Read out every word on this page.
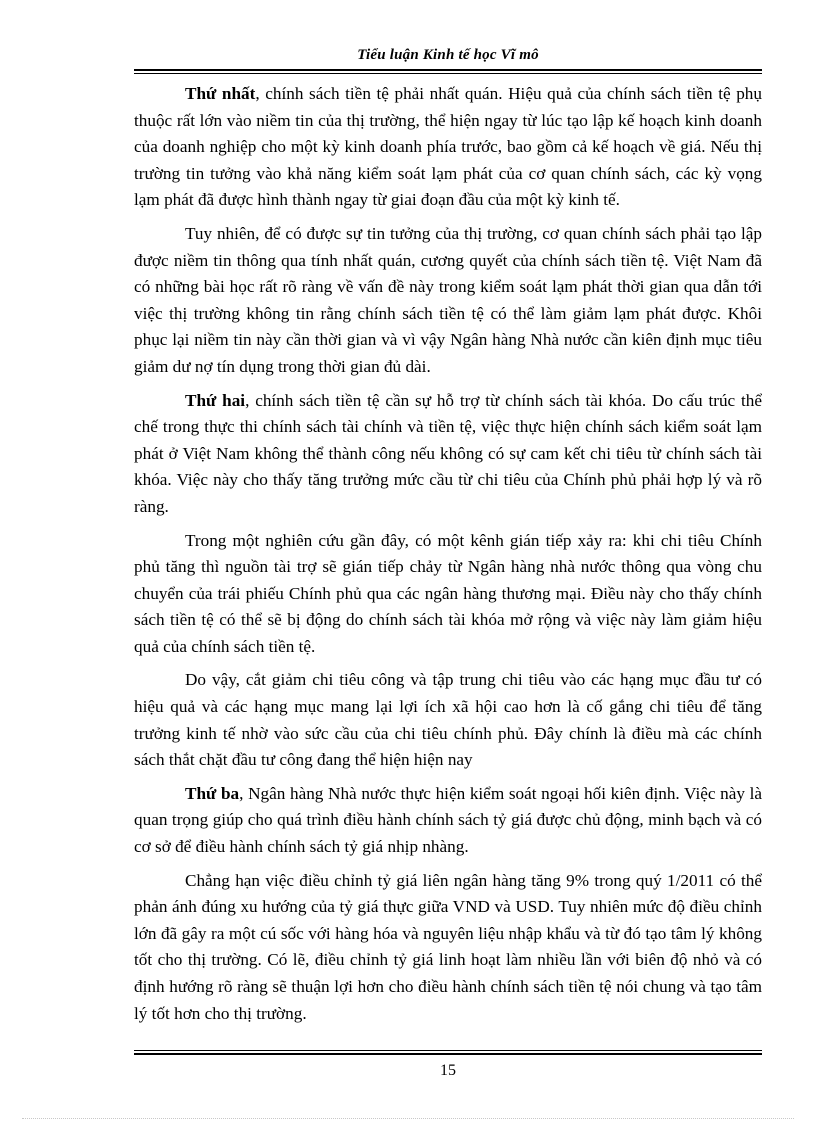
Tiểu luận Kinh tế học Vĩ mô

Thứ nhất, chính sách tiền tệ phải nhất quán. Hiệu quả của chính sách tiền tệ phụ thuộc rất lớn vào niềm tin của thị trường, thể hiện ngay từ lúc tạo lập kế hoạch kinh doanh của doanh nghiệp cho một kỳ kinh doanh phía trước, bao gồm cả kế hoạch về giá. Nếu thị trường tin tưởng vào khả năng kiểm soát lạm phát của cơ quan chính sách, các kỳ vọng lạm phát đã được hình thành ngay từ giai đoạn đầu của một kỳ kinh tế.

Tuy nhiên, để có được sự tin tưởng của thị trường, cơ quan chính sách phải tạo lập được niềm tin thông qua tính nhất quán, cương quyết của chính sách tiền tệ. Việt Nam đã có những bài học rất rõ ràng về vấn đề này trong kiểm soát lạm phát thời gian qua dẫn tới việc thị trường không tin rằng chính sách tiền tệ có thể làm giảm lạm phát được. Khôi phục lại niềm tin này cần thời gian và vì vậy Ngân hàng Nhà nước cần kiên định mục tiêu giảm dư nợ tín dụng trong thời gian đủ dài.

Thứ hai, chính sách tiền tệ cần sự hỗ trợ từ chính sách tài khóa. Do cấu trúc thể chế trong thực thi chính sách tài chính và tiền tệ, việc thực hiện chính sách kiểm soát lạm phát ở Việt Nam không thể thành công nếu không có sự cam kết chi tiêu từ chính sách tài khóa. Việc này cho thấy tăng trưởng mức cầu từ chi tiêu của Chính phủ phải hợp lý và rõ ràng.

Trong một nghiên cứu gần đây, có một kênh gián tiếp xảy ra: khi chi tiêu Chính phủ tăng thì nguồn tài trợ sẽ gián tiếp chảy từ Ngân hàng nhà nước thông qua vòng chu chuyển của trái phiếu Chính phủ qua các ngân hàng thương mại. Điều này cho thấy chính sách tiền tệ có thể sẽ bị động do chính sách tài khóa mở rộng và việc này làm giảm hiệu quả của chính sách tiền tệ.

Do vậy, cắt giảm chi tiêu công và tập trung chi tiêu vào các hạng mục đầu tư có hiệu quả và các hạng mục mang lại lợi ích xã hội cao hơn là cố gắng chi tiêu để tăng trưởng kinh tế nhờ vào sức cầu của chi tiêu chính phủ. Đây chính là điều mà các chính sách thắt chặt đầu tư công đang thể hiện hiện nay

Thứ ba, Ngân hàng Nhà nước thực hiện kiểm soát ngoại hối kiên định. Việc này là quan trọng giúp cho quá trình điều hành chính sách tỷ giá được chủ động, minh bạch và có cơ sở để điều hành chính sách tỷ giá nhịp nhàng.

Chẳng hạn việc điều chỉnh tỷ giá liên ngân hàng tăng 9% trong quý 1/2011 có thể phản ánh đúng xu hướng của tỷ giá thực giữa VND và USD. Tuy nhiên mức độ điều chỉnh lớn đã gây ra một cú sốc với hàng hóa và nguyên liệu nhập khẩu và từ đó tạo tâm lý không tốt cho thị trường. Có lẽ, điều chỉnh tỷ giá linh hoạt làm nhiều lần với biên độ nhỏ và có định hướng rõ ràng sẽ thuận lợi hơn cho điều hành chính sách tiền tệ nói chung và tạo tâm lý tốt hơn cho thị trường.

15
